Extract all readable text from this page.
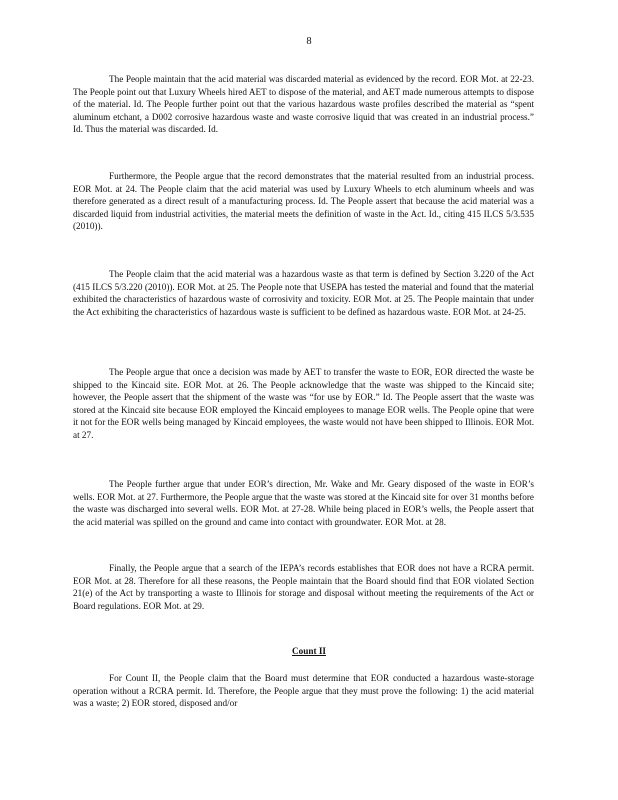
8

The People maintain that the acid material was discarded material as evidenced by the record. EOR Mot. at 22-23. The People point out that Luxury Wheels hired AET to dispose of the material, and AET made numerous attempts to dispose of the material. Id. The People further point out that the various hazardous waste profiles described the material as “spent aluminum etchant, a D002 corrosive hazardous waste and waste corrosive liquid that was created in an industrial process.” Id. Thus the material was discarded. Id.

Furthermore, the People argue that the record demonstrates that the material resulted from an industrial process. EOR Mot. at 24. The People claim that the acid material was used by Luxury Wheels to etch aluminum wheels and was therefore generated as a direct result of a manufacturing process. Id. The People assert that because the acid material was a discarded liquid from industrial activities, the material meets the definition of waste in the Act. Id., citing 415 ILCS 5/3.535 (2010)).

The People claim that the acid material was a hazardous waste as that term is defined by Section 3.220 of the Act (415 ILCS 5/3.220 (2010)). EOR Mot. at 25. The People note that USEPA has tested the material and found that the material exhibited the characteristics of hazardous waste of corrosivity and toxicity. EOR Mot. at 25. The People maintain that under the Act exhibiting the characteristics of hazardous waste is sufficient to be defined as hazardous waste. EOR Mot. at 24-25.

The People argue that once a decision was made by AET to transfer the waste to EOR, EOR directed the waste be shipped to the Kincaid site. EOR Mot. at 26. The People acknowledge that the waste was shipped to the Kincaid site; however, the People assert that the shipment of the waste was “for use by EOR.” Id. The People assert that the waste was stored at the Kincaid site because EOR employed the Kincaid employees to manage EOR wells. The People opine that were it not for the EOR wells being managed by Kincaid employees, the waste would not have been shipped to Illinois. EOR Mot. at 27.

The People further argue that under EOR’s direction, Mr. Wake and Mr. Geary disposed of the waste in EOR’s wells. EOR Mot. at 27. Furthermore, the People argue that the waste was stored at the Kincaid site for over 31 months before the waste was discharged into several wells. EOR Mot. at 27-28. While being placed in EOR’s wells, the People assert that the acid material was spilled on the ground and came into contact with groundwater. EOR Mot. at 28.

Finally, the People argue that a search of the IEPA’s records establishes that EOR does not have a RCRA permit. EOR Mot. at 28. Therefore for all these reasons, the People maintain that the Board should find that EOR violated Section 21(e) of the Act by transporting a waste to Illinois for storage and disposal without meeting the requirements of the Act or Board regulations. EOR Mot. at 29.

Count II

For Count II, the People claim that the Board must determine that EOR conducted a hazardous waste-storage operation without a RCRA permit. Id. Therefore, the People argue that they must prove the following: 1) the acid material was a waste; 2) EOR stored, disposed and/or
